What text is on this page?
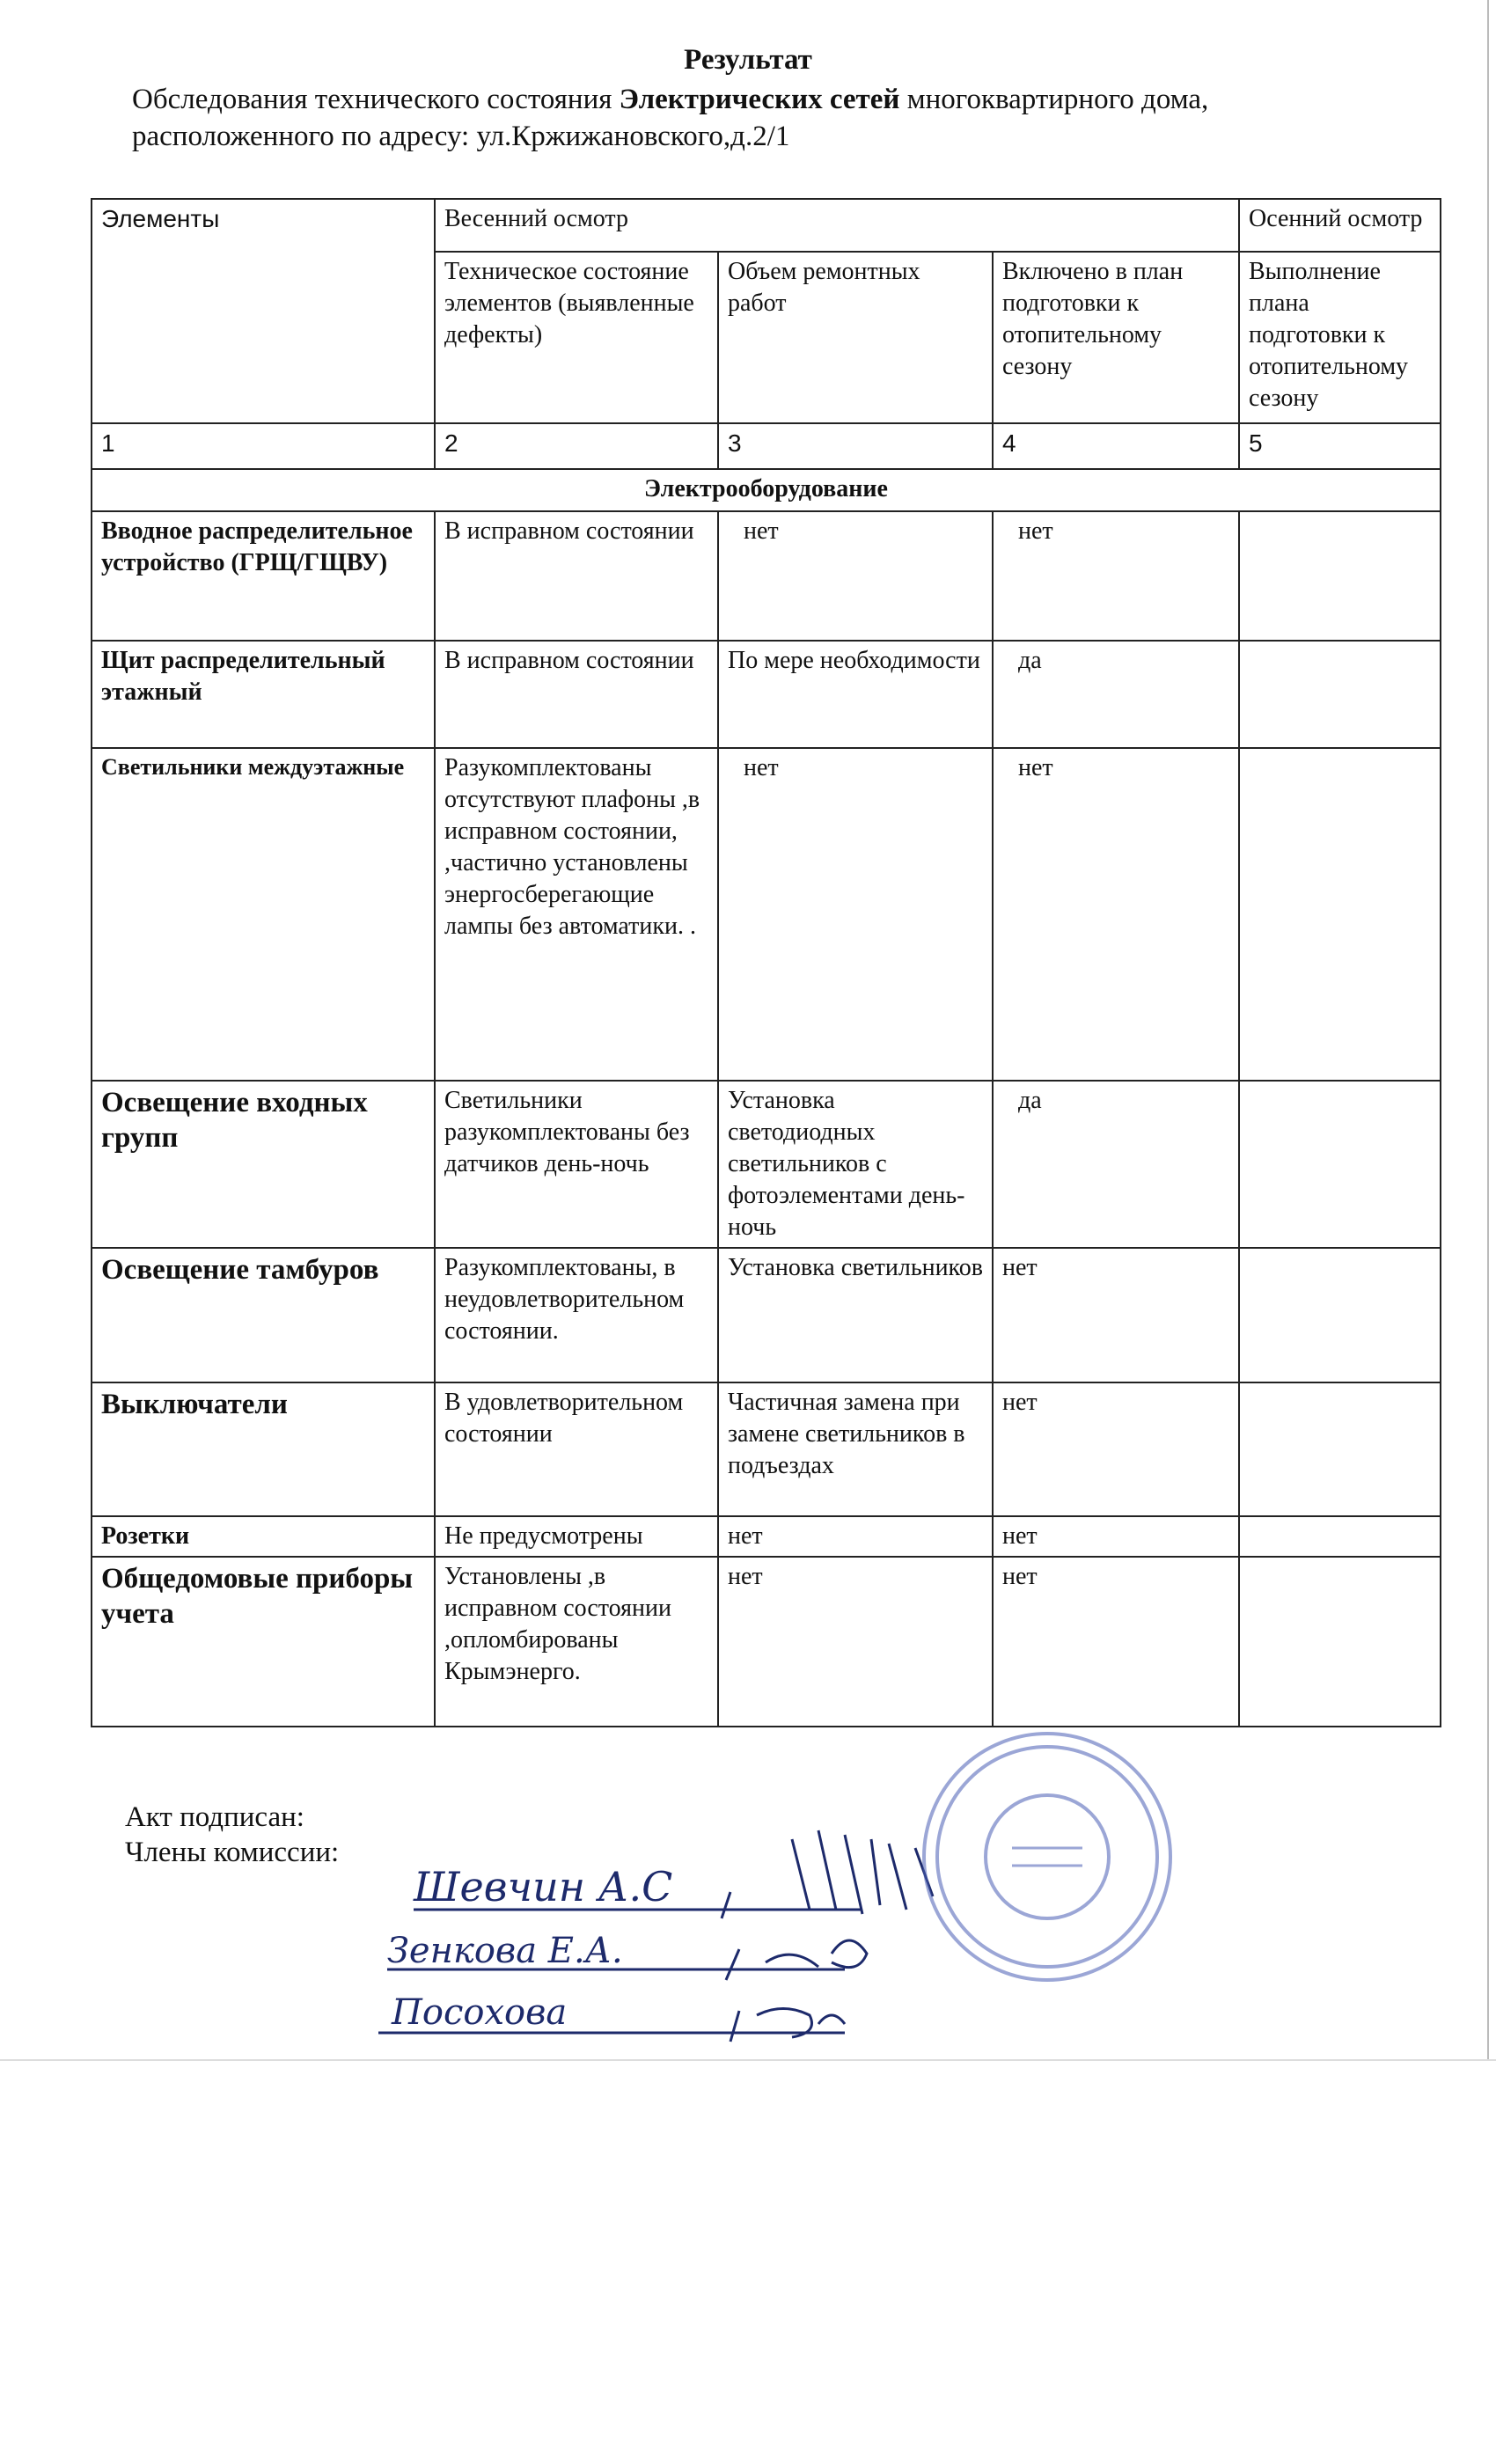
Результат
Обследования технического состояния Электрических сетей многоквартирного дома,
расположенного по адресу: ул.Кржижановского,д.2/1
Элементы	Весенний осмотр			Осенний осмотр
	Техническое состояние элементов (выявленные дефекты)	Объем ремонтных работ	Включено в план подготовки к отопительному сезону	Выполнение плана подготовки к отопительному сезону
1	2	3	4	5
Электрооборудование				
Вводное распределительное устройство (ГРЩ/ГЩВУ)	В исправном состоянии	нет	нет	
Щит распределительный этажный	В исправном состоянии	По мере необходимости	да	
Светильники междуэтажные	Разукомплектованы отсутствуют плафоны ,в исправном состоянии, ,частично установлены энергосберегающие лампы без автоматики. .	нет	нет	
Освещение входных групп	Светильники разукомплектованы без датчиков день-ночь	Установка светодиодных светильников с фотоэлементами день-ночь	да	
Освещение тамбуров	Разукомплектованы, в неудовлетворительном состоянии.	Установка светильников	нет	
Выключатели	В удовлетворительном состоянии	Частичная замена при замене светильников в подъездах	нет	
Розетки	Не предусмотрены	нет	нет	
Общедомовые приборы учета	Установлены ,в исправном состоянии ,опломбированы Крымэнерго.	нет	нет	
Акт подписан:
Члены комиссии:
Шевчин А.С
Зенкова Е.А.
Посохова
